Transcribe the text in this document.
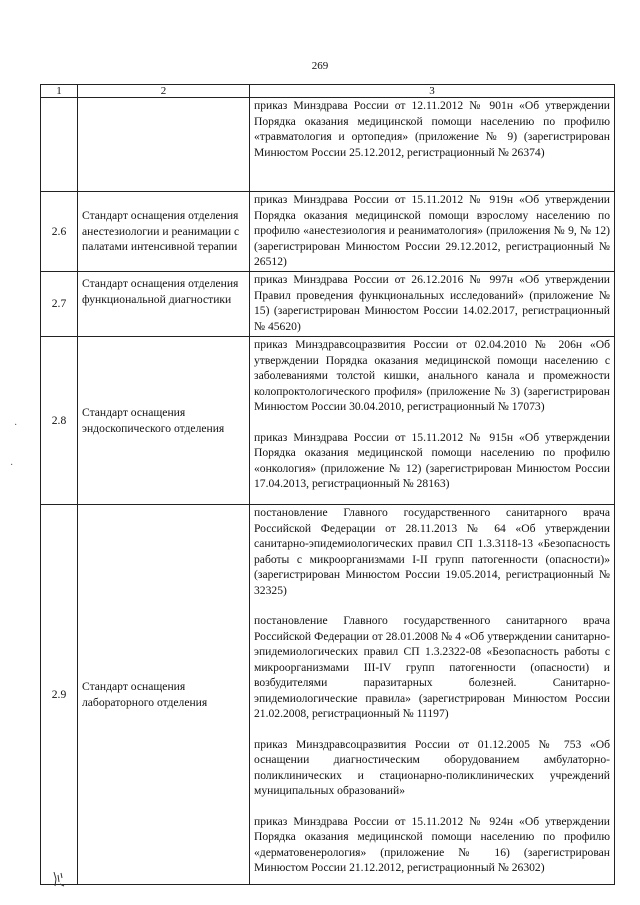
269
1	2	3

		приказ Минздрава России от 12.11.2012 № 901н «Об утверждении Порядка оказания медицинской помощи населению по профилю «травматология и ортопедия» (приложение № 9) (зарегистрирован Минюстом России 25.12.2012, регистрационный № 26374)

2.6	Стандарт оснащения отделения анестезиологии и реанимации с палатами интенсивной терапии	приказ Минздрава России от 15.11.2012 № 919н «Об утверждении Порядка оказания медицинской помощи взрослому населению по профилю «анестезиология и реаниматология» (приложения № 9, № 12) (зарегистрирован Минюстом России 29.12.2012, регистрационный № 26512)

2.7	Стандарт оснащения отделения функциональной диагностики	приказ Минздрава России от 26.12.2016 № 997н «Об утверждении Правил проведения функциональных исследований» (приложение № 15) (зарегистрирован Минюстом России 14.02.2017, регистрационный № 45620)

2.8	Стандарт оснащения эндоскопического отделения	приказ Минздравсоцразвития России от 02.04.2010 № 206н «Об утверждении Порядка оказания медицинской помощи населению с заболеваниями толстой кишки, анального канала и промежности колопроктологического профиля» (приложение № 3) (зарегистрирован Минюстом России 30.04.2010, регистрационный № 17073)
приказ Минздрава России от 15.11.2012 № 915н «Об утверждении Порядка оказания медицинской помощи населению по профилю «онкология» (приложение № 12) (зарегистрирован Минюстом России 17.04.2013, регистрационный № 28163)

2.9	Стандарт оснащения лабораторного отделения	постановление Главного государственного санитарного врача Российской Федерации от 28.11.2013 № 64 «Об утверждении санитарно-эпидемиологических правил СП 1.3.3118-13 «Безопасность работы с микроорганизмами I-II групп патогенности (опасности)» (зарегистрирован Минюстом России 19.05.2014, регистрационный № 32325)
постановление Главного государственного санитарного врача Российской Федерации от 28.01.2008 № 4 «Об утверждении санитарно-эпидемиологических правил СП 1.3.2322-08 «Безопасность работы с микроорганизмами III-IV групп патогенности (опасности) и возбудителями паразитарных болезней. Санитарно-эпидемиологические правила» (зарегистрирован Минюстом России 21.02.2008, регистрационный № 11197)
приказ Минздравсоцразвития России от 01.12.2005 № 753 «Об оснащении диагностическим оборудованием амбулаторно-поликлинических и стационарно-поликлинических учреждений муниципальных образований»
приказ Минздрава России от 15.11.2012 № 924н «Об утверждении Порядка оказания медицинской помощи населению по профилю «дерматовенерология» (приложение № 16) (зарегистрирован Минюстом России 21.12.2012, регистрационный № 26302)
·
·
